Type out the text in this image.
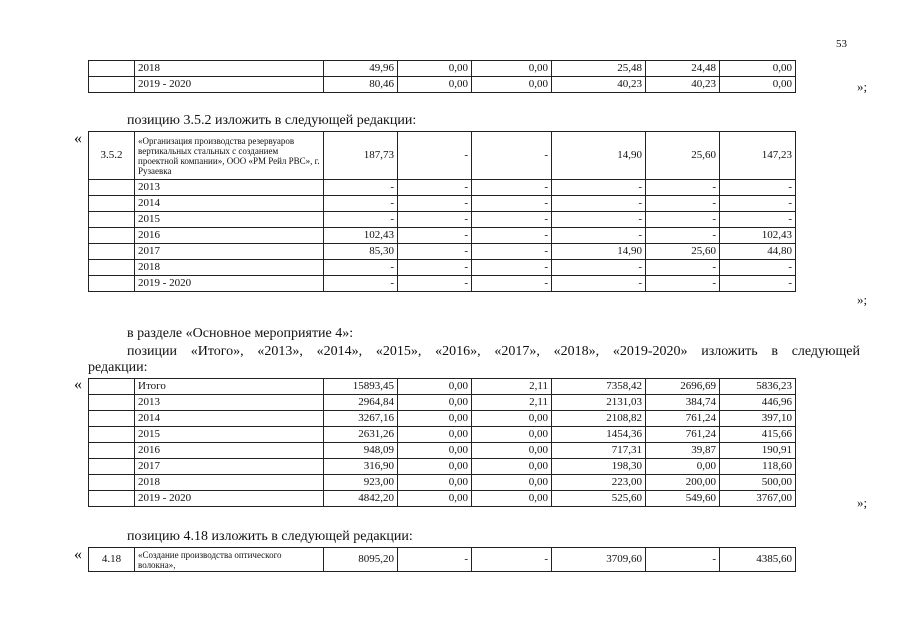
53
	2018	49,96	0,00	0,00	25,48	24,48	0,00
	2019 - 2020	80,46	0,00	0,00	40,23	40,23	0,00	»;
позицию 3.5.2 изложить в следующей редакции:
«
3.5.2	«Организация производства резервуаров вертикальных стальных с созданием проектной компании», ООО «РМ Рейл РВС», г. Рузаевка	187,73	-	-	14,90	25,60	147,23
	2013	-	-	-	-	-	-
	2014	-	-	-	-	-	-
	2015	-	-	-	-	-	-
	2016	102,43	-	-	-	-	102,43
	2017	85,30	-	-	14,90	25,60	44,80
	2018	-	-	-	-	-	-
	2019 - 2020	-	-	-	-	-	-
»;
в разделе «Основное мероприятие 4»:
позиции «Итого», «2013», «2014», «2015», «2016», «2017», «2018», «2019-2020» изложить в следующей
редакции:
«
		Итого	15893,45	0,00	2,11	7358,42	2696,69	5836,23
	2013	2964,84	0,00	2,11	2131,03	384,74	446,96
	2014	3267,16	0,00	0,00	2108,82	761,24	397,10
	2015	2631,26	0,00	0,00	1454,36	761,24	415,66
	2016	948,09	0,00	0,00	717,31	39,87	190,91
	2017	316,90	0,00	0,00	198,30	0,00	118,60
	2018	923,00	0,00	0,00	223,00	200,00	500,00
	2019 - 2020	4842,20	0,00	0,00	525,60	549,60	3767,00	»;
позицию 4.18 изложить в следующей редакции:
« 4.18	«Создание производства оптического волокна»,	8095,20	-	-	3709,60	-	4385,60
